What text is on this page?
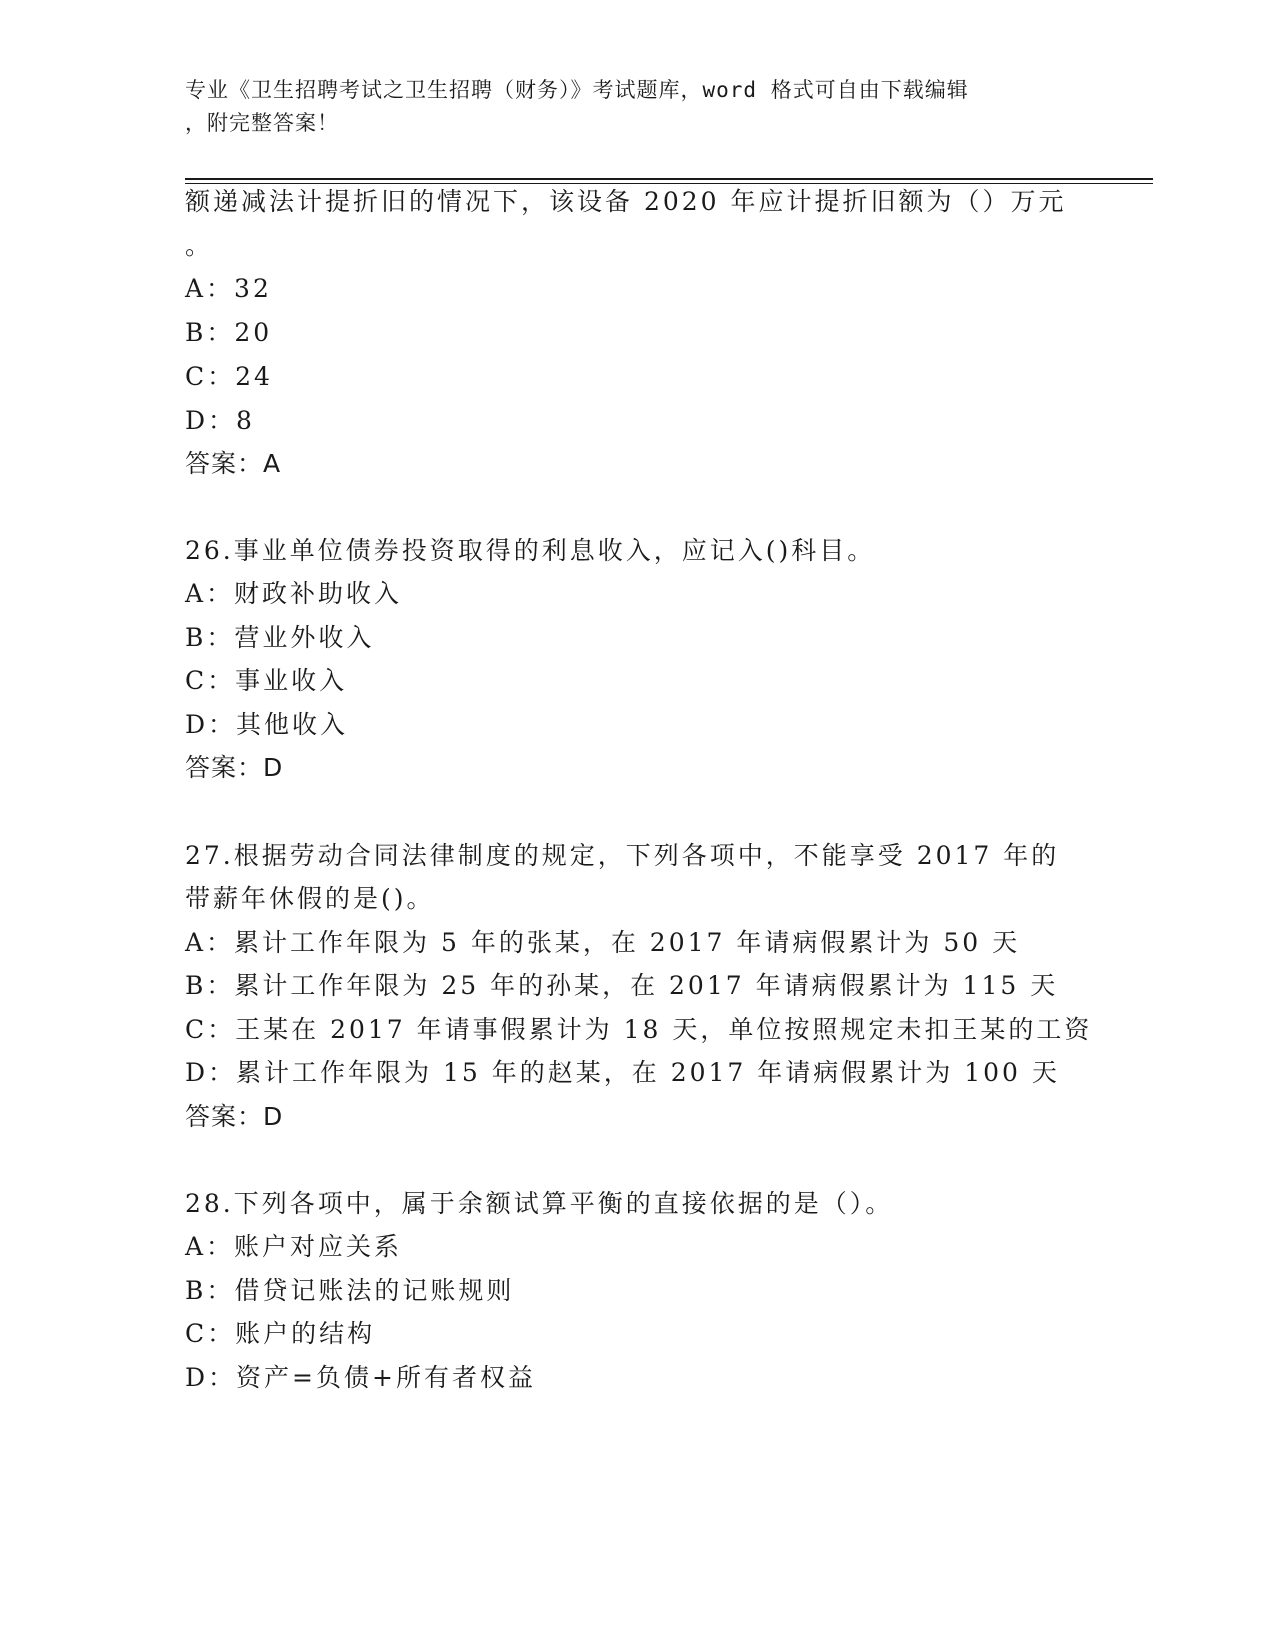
专业《卫生招聘考试之卫生招聘（财务）》考试题库，word 格式可自由下载编辑
，附完整答案！
额递减法计提折旧的情况下，该设备 2020 年应计提折旧额为（）万元
。
A：32
B：20
C：24
D：8
答案：A
26.事业单位债券投资取得的利息收入，应记入()科目。
A：财政补助收入
B：营业外收入
C：事业收入
D：其他收入
答案：D
27.根据劳动合同法律制度的规定，下列各项中，不能享受 2017 年的
带薪年休假的是()。
A：累计工作年限为 5 年的张某，在 2017 年请病假累计为 50 天
B：累计工作年限为 25 年的孙某，在 2017 年请病假累计为 115 天
C：王某在 2017 年请事假累计为 18 天，单位按照规定未扣王某的工资
D：累计工作年限为 15 年的赵某，在 2017 年请病假累计为 100 天
答案：D
28.下列各项中，属于余额试算平衡的直接依据的是（）。
A：账户对应关系
B：借贷记账法的记账规则
C：账户的结构
D：资产=负债+所有者权益
